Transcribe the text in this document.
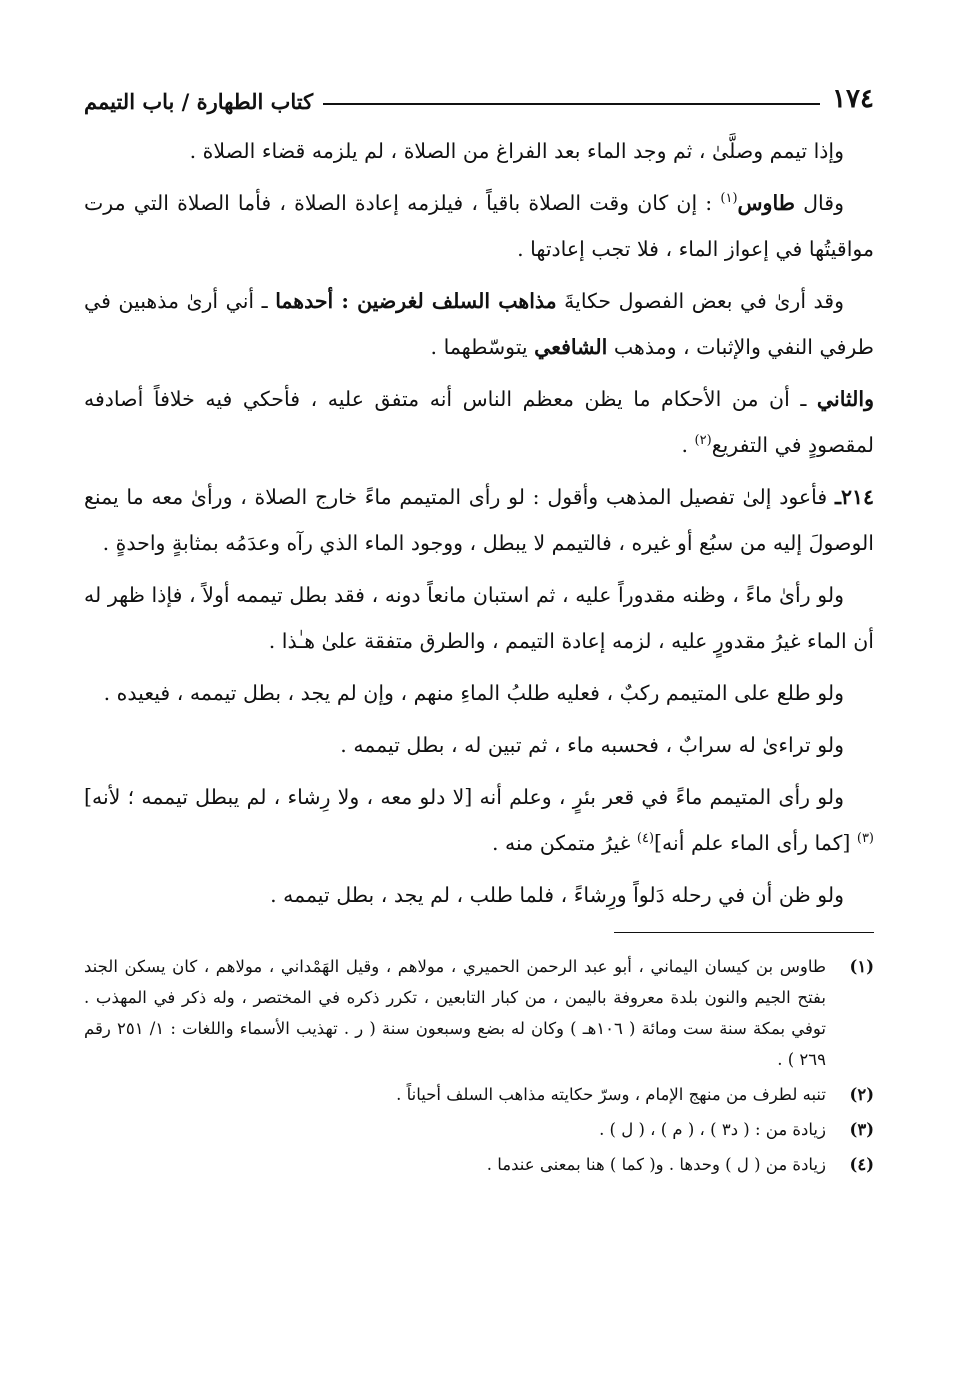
١٧٤
كتاب الطهارة / باب التيمم

وإذا تيمم وصلَّىٰ ، ثم وجد الماء بعد الفراغ من الصلاة ، لم يلزمه قضاء الصلاة .

وقال طاوس$^{(١)}$ : إن كان وقت الصلاة باقياً ، فيلزمه إعادة الصلاة ، فأما الصلاة التي مرت مواقيتُها في إعواز الماء ، فلا تجب إعادتها .

وقد أرىٰ في بعض الفصول حكايةَ مذاهب السلف لغرضين : أحدهما ـ أني أرىٰ مذهبين في طرفي النفي والإثبات ، ومذهب الشافعي يتوسّطهما .

والثاني ـ أن من الأحكام ما يظن معظم الناس أنه متفق عليه ، فأحكي فيه خلافاً أصادفه لمقصودٍ في التفريع$^{(٢)}$ .

٢١٤ـ فأعود إلىٰ تفصيل المذهب وأقول : لو رأى المتيمم ماءً خارج الصلاة ، ورأىٰ معه ما يمنع الوصولَ إليه من سبُع أو غيره ، فالتيمم لا يبطل ، ووجود الماء الذي رآه وعدَمُه بمثابةٍ واحدةٍ .

ولو رأىٰ ماءً ، وظنه مقدوراً عليه ، ثم استبان مانعاً دونه ، فقد بطل تيممه أولاً ، فإذا ظهر له أن الماء غيرُ مقدورٍ عليه ، لزمه إعادة التيمم ، والطرق متفقة علىٰ هـٰذا .

ولو طلع على المتيمم ركبٌ ، فعليه طلبُ الماءِ منهم ، وإن لم يجد ، بطل تيممه ، فيعيده .

ولو تراءىٰ له سرابٌ ، فحسبه ماء ، ثم تبين له ، بطل تيممه .

ولو رأى المتيمم ماءً في قعر بئرٍ ، وعلم أنه [لا دلو معه ، ولا رِشاء ، لم يبطل تيممه ؛ لأنه]$^{(٣)}$ [كما رأى الماء علم أنه]$^{(٤)}$ غيرُ متمكن منه .

ولو ظن أن في رحله دَلواً ورِشاءً ، فلما طلب ، لم يجد ، بطل تيممه .

(١)
طاوس بن كيسان اليماني ، أبو عبد الرحمن الحميري ، مولاهم ، وقيل الهَمْداني ، مولاهم ، كان يسكن الجند بفتح الجيم والنون بلدة معروفة باليمن ، من كبار التابعين ، تكرر ذكره في المختصر ، وله ذكر في المهذب . توفي بمكة سنة ست ومائة ( ١٠٦هـ ) وكان له بضع وسبعون سنة ( ر . تهذيب الأسماء واللغات : ١/ ٢٥١ رقم ٢٦٩ ) .
(٢)
تنبه لطرف من منهج الإمام ، وسرّ حكايته مذاهب السلف أحياناً .
(٣)
زيادة من : ( د٣ ) ، ( م ) ، ( ل ) .
(٤)
زيادة من ( ل ) وحدها . و( كما ) هنا بمعنى عندما .
